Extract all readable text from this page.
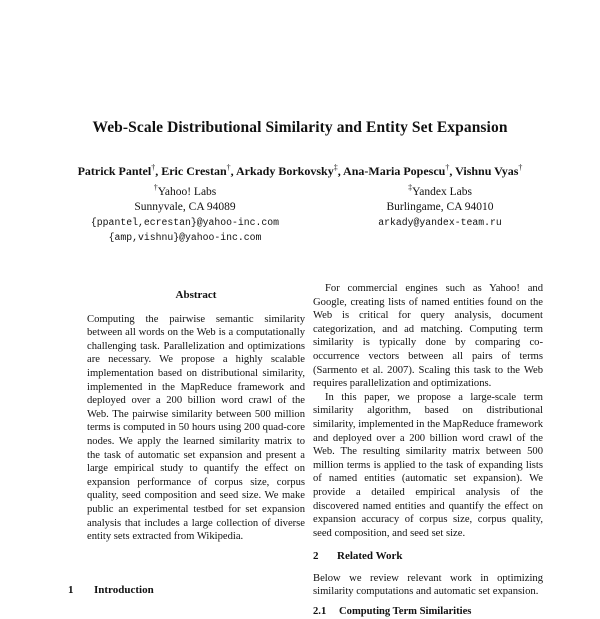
Web-Scale Distributional Similarity and Entity Set Expansion
Patrick Pantel†, Eric Crestan†, Arkady Borkovsky‡, Ana-Maria Popescu†, Vishnu Vyas†
†Yahoo! Labs
Sunnyvale, CA 94089
{ppantel,ecrestan}@yahoo-inc.com
{amp,vishnu}@yahoo-inc.com
‡Yandex Labs
Burlingame, CA 94010
arkady@yandex-team.ru
Abstract

Computing the pairwise semantic similarity between all words on the Web is a computationally challenging task. Parallelization and optimizations are necessary. We propose a highly scalable implementation based on distributional similarity, implemented in the MapReduce framework and deployed over a 200 billion word crawl of the Web. The pairwise similarity between 500 million terms is computed in 50 hours using 200 quad-core nodes. We apply the learned similarity matrix to the task of automatic set expansion and present a large empirical study to quantify the effect on expansion performance of corpus size, corpus quality, seed composition and seed size. We make public an experimental testbed for set expansion analysis that includes a large collection of diverse entity sets extracted from Wikipedia.

1 Introduction

For commercial engines such as Yahoo! and Google, creating lists of named entities found on the Web is critical for query analysis, document categorization, and ad matching. Computing term similarity is typically done by comparing co-occurrence vectors between all pairs of terms (Sarmento et al. 2007). Scaling this task to the Web requires parallelization and optimizations.

In this paper, we propose a large-scale term similarity algorithm, based on distributional similarity, implemented in the MapReduce framework and deployed over a 200 billion word crawl of the Web. The resulting similarity matrix between 500 million terms is applied to the task of expanding lists of named entities (automatic set expansion). We provide a detailed empirical analysis of the discovered named entities and quantify the effect on expansion accuracy of corpus size, corpus quality, seed composition, and seed set size.

2 Related Work

Below we review relevant work in optimizing similarity computations and automatic set expansion.

2.1 Computing Term Similarities
